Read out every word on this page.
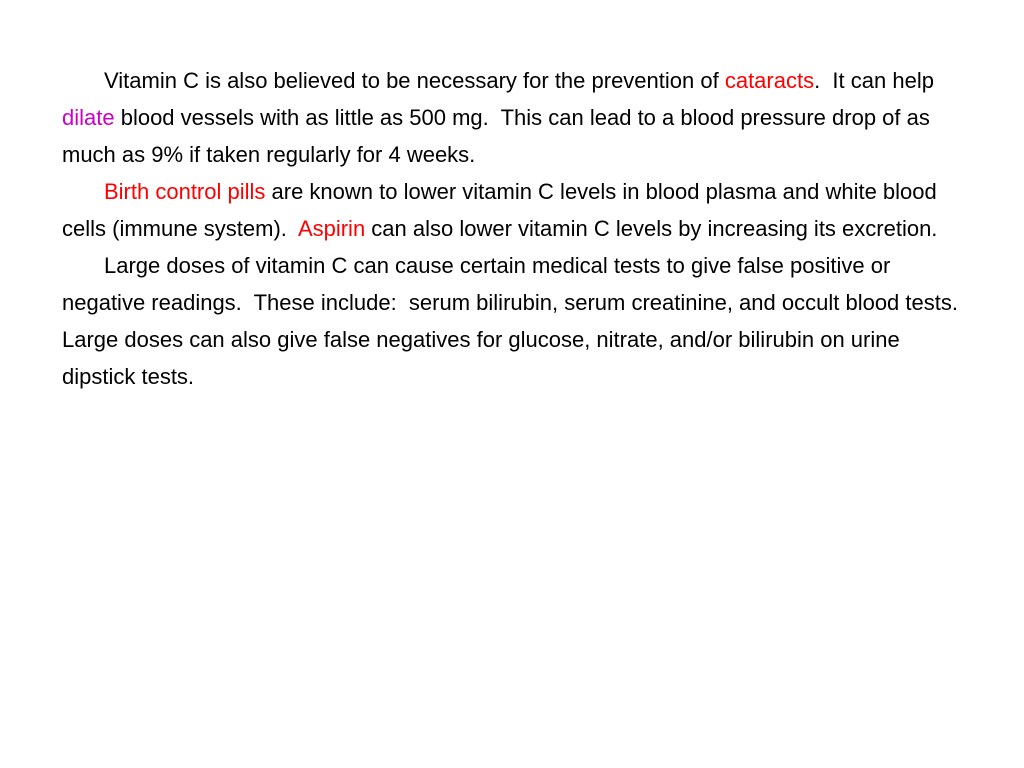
Vitamin C is also believed to be necessary for the prevention of cataracts.  It can help dilate blood vessels with as little as 500 mg.  This can lead to a blood pressure drop of as much as 9% if taken regularly for 4 weeks.

Birth control pills are known to lower vitamin C levels in blood plasma and white blood cells (immune system).  Aspirin can also lower vitamin C levels by increasing its excretion.

Large doses of vitamin C can cause certain medical tests to give false positive or negative readings.  These include:  serum bilirubin, serum creatinine, and occult blood tests.  Large doses can also give false negatives for glucose, nitrate, and/or bilirubin on urine dipstick tests.
